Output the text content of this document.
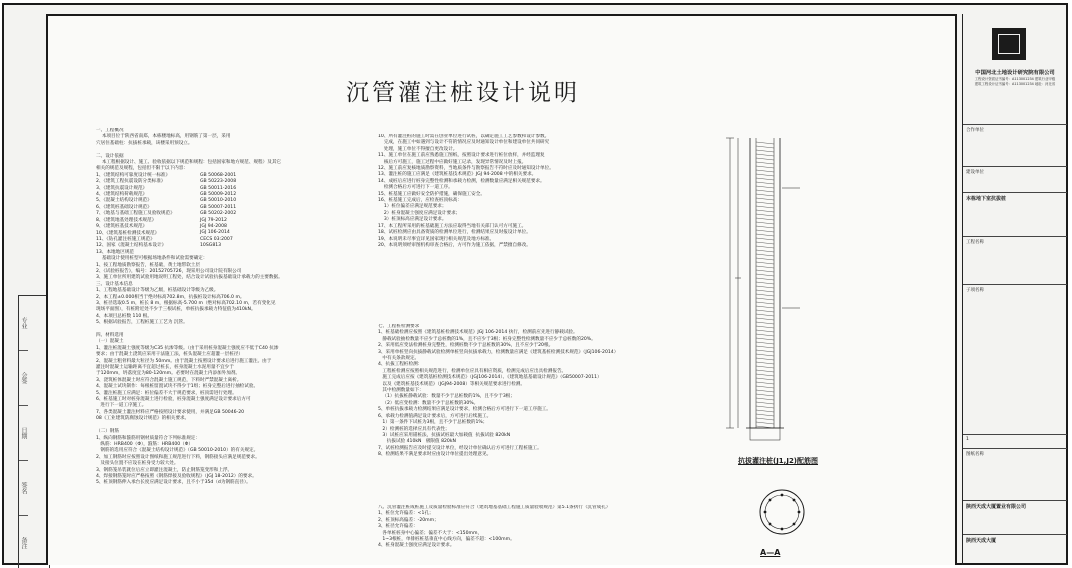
专业
会签
日期
签名
备注
沉管灌注桩设计说明
一、工程概况
本项目位于陕西省南郑，本栋楼地标高，用钢筋了第一层，采用
穴居住基础柱：抗拔桩承载，该楼采用预设立。

二、设计依据
本工程根据设计、施工、验收依据以下规范和规程：包括国家和地方规范、规程）及其它
相关的规范及规程，包括但不限于以下内容：
1、《建筑结构可靠度设计统一标准》
2、《建筑工程抗震设防分类标准》
3、《建筑抗震设计规范》
4、《建筑结构荷载规范》
5、《混凝土结构设计规范》
6、《建筑桩基础设计规范》
7、《地基与基础工程施工及验收规范》
8、《建筑地基处理技术规范》
9、《建筑桩基技术规范》
10、《建筑基桩检测技术规范》
11、《钻孔灌注桩施工规范》
12、国家《混凝土结构基本设计》
13、本地地区规范
基础设计使用桩型可根据场地条件和试验需要确定：
1、按工程地质勘察报告，桩基础，黄土地带软土层
2、《试验桩报告》，编号：20152705726，现采用公司设计院有限公司
3、施工单位所用建筑试验用地说明工程处，结合设计试验抗拔基础设计承载力的主要数据。
三、设计基本信息
1、工程地基基础设计等级为乙级，桩基础设计等级为乙级。
2、本工程±0.000相当于绝对标高702.8m，抗拔桩设计标高706.0 m。
3、桩径选取0.5 m，桩长 8 m，根据标高-5.700 m（绝对标高702.10 m，若有变化见
现场平面图），有桩附近处不少于三根试桩，单桩抗拔承载力特征值为410kN。
4、本项目总桩数 110 根。
5、根据试验报告，工程桩施工工艺为 沉管。

四、材料选用
（一）混凝土
1、灌注桩混凝土强度等级为C35 抗渗等级。（由于采用桩身混凝土强度应不低于C40 抗渗
要求；由于混凝土浇筑应采用干法施工法，桩头混凝土应超灌一层桩径）
2、混凝土粗骨料最大粒径为 50mm。由于混凝土按照设计要求后进行施工灌注。由于
灌注时混凝土运输距离不宜超过桩长，桩身混凝土水泥用量不宜少于
于120mm，坍落度宜为80-120mm。必要时在混凝土内添加外加剂。
3、浇筑桩体混凝土时应符合混凝土施工规范，下料时严禁混凝土离析。
4、混凝土试块制作：每根桩留置试块不得少于1组；桩身完整后进行抽检试验。
5、灌注桩施工应满足：桩位偏差不大于规范要求，桩顶需进行处理。
6、桩基施工时对桩身混凝土进行检验，桩身混凝土强度满足设计要求后方可
进行下一道工序施工。
7、各类混凝土灌注材料应严格按照设计要求使用，并满足GB 50046-20
08《工业建筑防腐蚀设计规范》的相关要求。

（二）钢筋
1、纵向钢筋和箍筋用钢材质量符合下列标准规定：
纵筋：HRB400（Φ），箍筋：HRB400（Φ）
钢筋的选用应符合《混凝土结构设计规范》（GB 50010-2010）的有关规定。
2、加工钢筋时应按照设计图纸和施工规范进行下料，钢筋接头应满足规范要求。
及接头位置不应设在桩身受力较大处。
3、钢筋笼吊装就位后应立即灌注混凝土，防止钢筋笼变形和上浮。
4、焊接钢筋笼时应严格按照《钢筋焊接及验收规程》（JGJ 18-2012）的要求。
5、桩顶钢筋伸入承台长度应满足设计要求，且不小于35d（d为钢筋直径）。
GB 50068-2001
GB 50223-2008
GB 50011-2016
GB 50009-2012
GB 50010-2010
GB 50007-2011
GB 50202-2002
JGJ 79-2012
JGJ 94-2008
JGJ 106-2014
CECS 03:2007
10SG813
10、所有灌注桩的施工时需在创业单位进行试桩，以确定施工工艺参数和设计参数。
完成，在施工中如遇到与设计不符的情况应及时通知设计单位和建设单位共同研究
处理，施工单位不得擅自更改设计。
11、施工单位在施工前应熟悉施工图纸，按照设计要求进行桩位放样，并经监理复
核后方可施工，施工过程中应做好施工记录，发现异常情况及时上报。
12、施工前应复核地质勘察资料，当地质条件与勘察报告不符时应及时通知设计单位。
13、灌注桩的施工应满足《建筑桩基技术规范》JGJ 94-2008 中的相关要求。
14、成桩后应进行桩身完整性检测和承载力检测，检测数量应满足相关规范要求。
检测合格后方可进行下一道工序。
15、桩基施工应做好安全防护措施，确保施工安全。
16、桩基施工完成后，应检查桩顶标高：
1）桩位偏差应满足规范要求；
2）桩身混凝土强度应满足设计要求；
3）桩顶标高应满足设计要求。
17、本工程所采用的桩基础施工方法应取得当地有关部门认可方可施工。
18、试桩检测应由具备资质的检测单位进行，检测结果应及时报设计单位。
19、本说明未尽事宜详见国家现行相关规范及地方标准。
20、本说明须经审图机构审查合格后，方可作为施工依据，严禁擅自修改。
七、工程桩检测要求
1、桩基础检测应按照《建筑基桩检测技术规范》JGJ 106-2014 执行，检测前应先进行静载试验。
静载试验抽检数量不应少于总桩数的1%，且不应少于3根；桩身完整性检测数量不应少于总桩数的20%。
2、采用低应变法检测桩身完整性，检测桩数不少于总桩数的30%，且不应少于20根。
3、采用单桩竖向抗拔静载试验检测单桩竖向抗拔承载力，检测数量应满足《建筑基桩检测技术规范》（JGJ106-2014）
中有关条款规定。
4、抗拔工程桩检测：
工程桩检测应按照相关规范进行，检测单位应具有相应资质，检测完成后应出具检测报告。
施工完成后应按《建筑基桩检测技术规范》（JGJ106-2014）、《建筑地基基础设计规范》（GB50007-2011）
以及《建筑桩基技术规范》（JGJ94-2008）等相关规范要求进行检测。
其中检测数量如下：
（1）抗拔桩静载试验：数量不少于总桩数的1%，且不少于3根；
（2）低应变检测：数量不少于总桩数的30%。
5、单桩抗拔承载力检测结果应满足设计要求，检测合格后方可进行下一道工序施工。
6、承载力检测值满足设计要求后，方可进行后续施工。
1）第一条件下试桩为3根，且不少于总桩数的1%；
2）检测桩的选择应具有代表性；
3）试桩应采用锚桩法，抗拔试桩最大加载值  抗拔试验 820kN
抗拔试验 410kN   极限值 820kN
7、试桩检测报告应及时提交设计单位，经设计单位确认后方可进行工程桩施工。
8、检测结果不满足要求时应由设计单位提出处理意见。
八、沉管灌注桩成桩施工及质量检验标准应符合（建筑地基基础工程施工质量验收规范）第5.1条执行（沉管成孔）
1、桩位允许偏差：<1孔；
2、桩顶标高偏差：-20mm；
3、桩径允许偏差：
各单桩桩身中心偏差；偏差不大于：<150mm，
1~3根桩，单排桩桩基垂直中心线方向，偏差不超：<100mm。
4、桩身混凝土强度应满足设计要求。
抗拔灌注桩(J1,J2)配筋图
A—A
合作单位
建设单位
本栋地下室抗拔桩
工程名称
子项名称
1
图纸名称
陕西天成大厦置业有限公司
陕西天成大厦
中国河北土地设计研究院有限公司
工程设计资质证书编号：A113001234 建筑行业甲级
建筑工程设计证书编号：A113001234 地址：河北省
